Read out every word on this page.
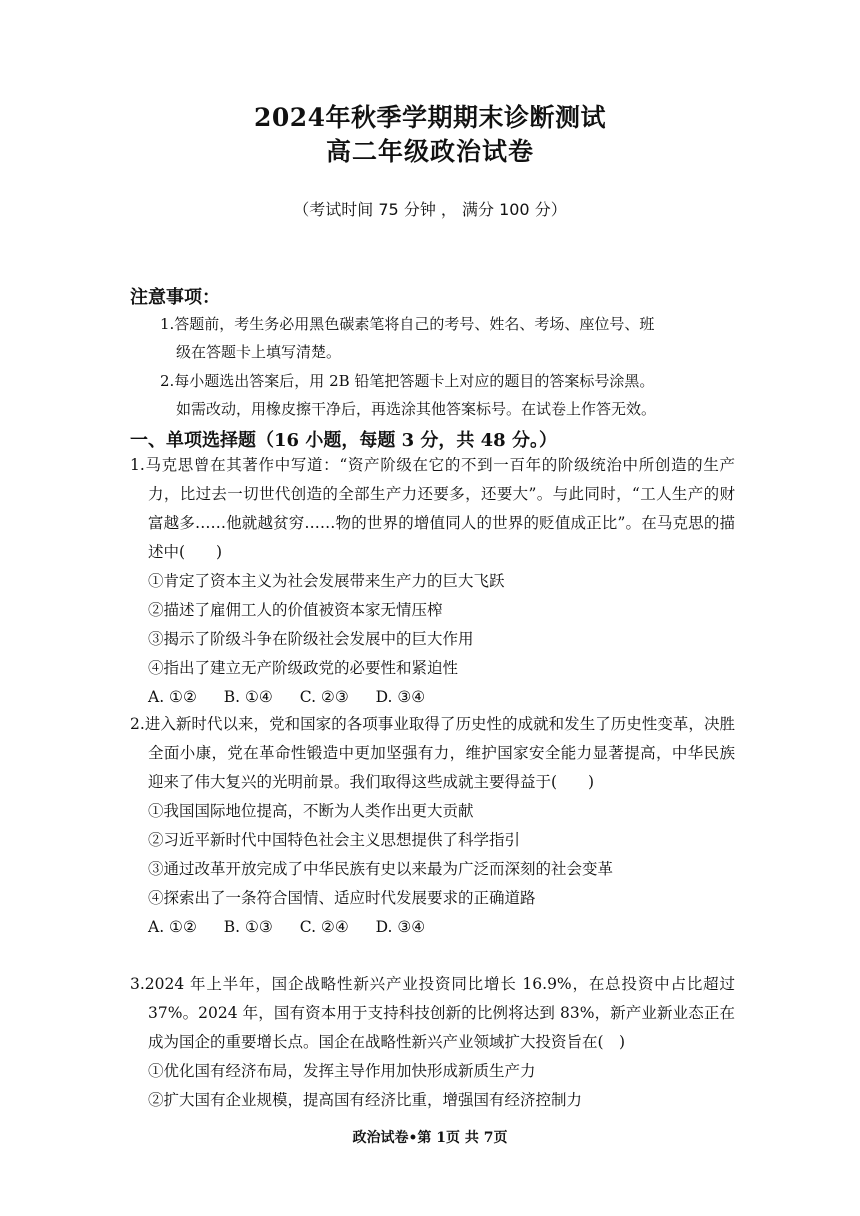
2024年秋季学期期末诊断测试
高二年级政治试卷
（考试时间 75 分钟 ， 满分 100 分）
注意事项：
1.答题前，考生务必用黑色碳素笔将自己的考号、姓名、考场、座位号、班
级在答题卡上填写清楚。
2.每小题选出答案后，用 2B 铅笔把答题卡上对应的题目的答案标号涂黑。
如需改动，用橡皮擦干净后，再选涂其他答案标号。在试卷上作答无效。
一、单项选择题（16 小题，每题 3 分，共 48 分。）
1.马克思曾在其著作中写道：“资产阶级在它的不到一百年的阶级统治中所创造的生产力，比过去一切世代创造的全部生产力还要多，还要大”。与此同时，“工人生产的财富越多……他就越贫穷……物的世界的增值同人的世界的贬值成正比”。在马克思的描述中(　　)
①肯定了资本主义为社会发展带来生产力的巨大飞跃
②描述了雇佣工人的价值被资本家无情压榨
③揭示了阶级斗争在阶级社会发展中的巨大作用
④指出了建立无产阶级政党的必要性和紧迫性
A. ①② B. ①④ C. ②③ D. ③④
2.进入新时代以来，党和国家的各项事业取得了历史性的成就和发生了历史性变革，决胜全面小康，党在革命性锻造中更加坚强有力，维护国家安全能力显著提高，中华民族迎来了伟大复兴的光明前景。我们取得这些成就主要得益于(　　)
①我国国际地位提高，不断为人类作出更大贡献
②习近平新时代中国特色社会主义思想提供了科学指引
③通过改革开放完成了中华民族有史以来最为广泛而深刻的社会变革
④探索出了一条符合国情、适应时代发展要求的正确道路
A. ①② B. ①③ C. ②④ D. ③④
3.2024 年上半年，国企战略性新兴产业投资同比增长 16.9%，在总投资中占比超过 37%。2024 年，国有资本用于支持科技创新的比例将达到 83%，新产业新业态正在成为国企的重要增长点。国企在战略性新兴产业领域扩大投资旨在(　)
①优化国有经济布局，发挥主导作用加快形成新质生产力
②扩大国有企业规模，提高国有经济比重，增强国有经济控制力
政治试卷•第 1页 共 7页
